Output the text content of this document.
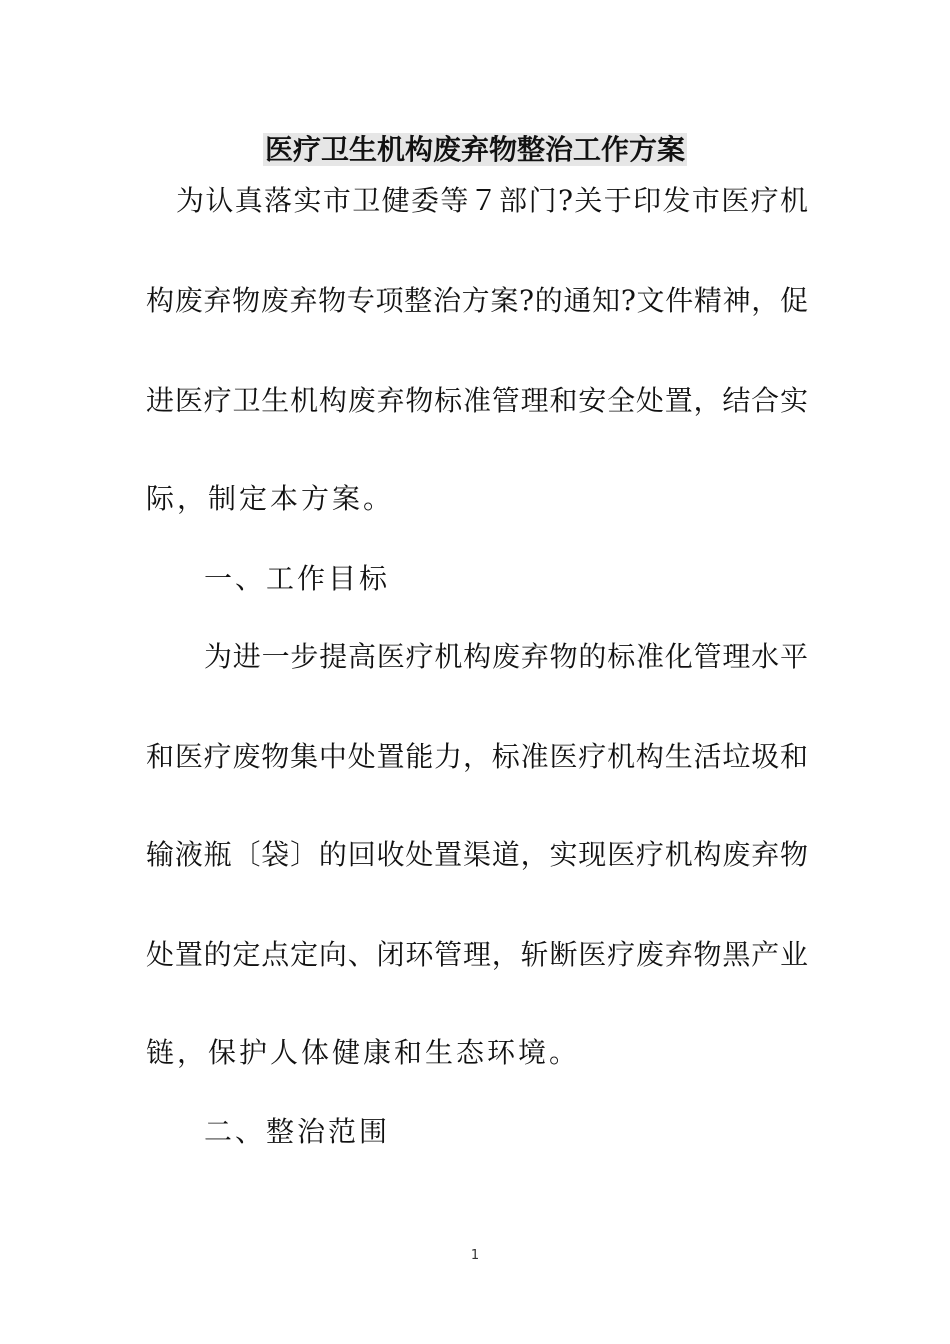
医疗卫生机构废弃物整治工作方案

为认真落实市卫健委等７部门?关于印发市医疗机

构废弃物废弃物专项整治方案?的通知?文件精神，促

进医疗卫生机构废弃物标准管理和安全处置，结合实

际，制定本方案。

一、工作目标

为进一步提高医疗机构废弃物的标准化管理水平

和医疗废物集中处置能力，标准医疗机构生活垃圾和

输液瓶〔袋〕的回收处置渠道，实现医疗机构废弃物

处置的定点定向、闭环管理，斩断医疗废弃物黑产业

链，保护人体健康和生态环境。

二、整治范围

1
